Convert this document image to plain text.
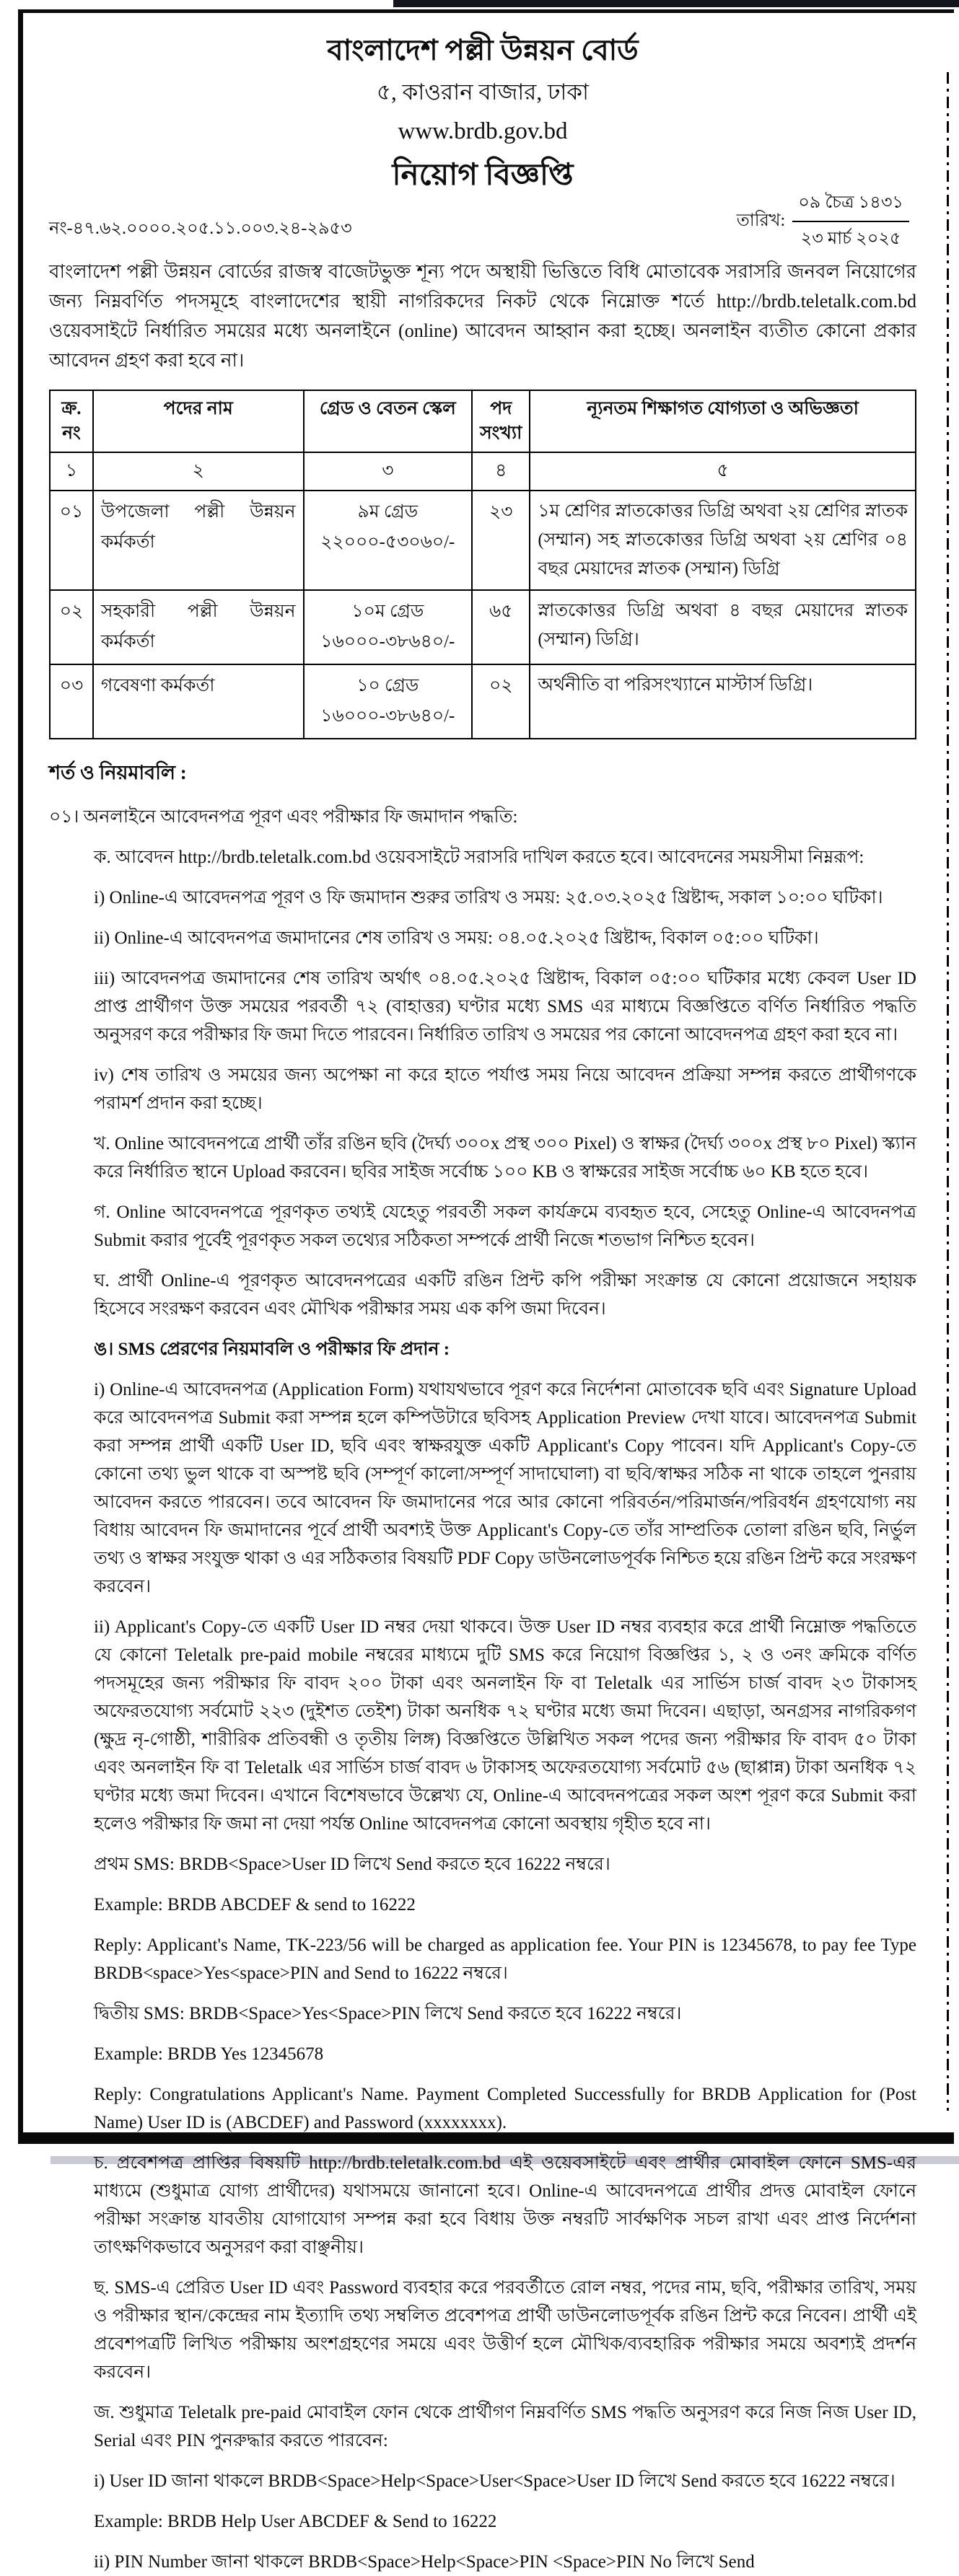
বাংলাদেশ পল্লী উন্নয়ন বোর্ড
৫, কাওরান বাজার, ঢাকা
www.brdb.gov.bd
নিয়োগ বিজ্ঞপ্তি
নং-৪৭.৬২.০০০০.২০৫.১১.০০৩.২৪-২৯৫৩	তারিখ: $\frac{\text{০৯ চৈত্র ১৪৩১}}{\text{২৩ মার্চ ২০২৫}}$
বাংলাদেশ পল্লী উন্নয়ন বোর্ডের রাজস্ব বাজেটভুক্ত শূন্য পদে অস্থায়ী ভিত্তিতে বিধি মোতাবেক সরাসরি জনবল নিয়োগের জন্য নিম্নবর্ণিত পদসমূহে বাংলাদেশের স্থায়ী নাগরিকদের নিকট থেকে নিম্নোক্ত শর্তে http://brdb.teletalk.com.bd ওয়েবসাইটে নির্ধারিত সময়ের মধ্যে অনলাইনে (online) আবেদন আহ্বান করা হচ্ছে। অনলাইন ব্যতীত কোনো প্রকার আবেদন গ্রহণ করা হবে না।
ক্র. নং	পদের নাম	গ্রেড ও বেতন স্কেল	পদ সংখ্যা	ন্যূনতম শিক্ষাগত যোগ্যতা ও অভিজ্ঞতা
১	২	৩	৪	৫
০১	উপজেলা পল্লী উন্নয়ন কর্মকর্তা	৯ম গ্রেড ২২০০০-৫৩০৬০/-	২৩	১ম শ্রেণির স্নাতকোত্তর ডিগ্রি অথবা ২য় শ্রেণির স্নাতক (সম্মান) সহ স্নাতকোত্তর ডিগ্রি অথবা ২য় শ্রেণির ০৪ বছর মেয়াদের স্নাতক (সম্মান) ডিগ্রি
০২	সহকারী পল্লী উন্নয়ন কর্মকর্তা	১০ম গ্রেড ১৬০০০-৩৮৬৪০/-	৬৫	স্নাতকোত্তর ডিগ্রি অথবা ৪ বছর মেয়াদের স্নাতক (সম্মান) ডিগ্রি।
০৩	গবেষণা কর্মকর্তা	১০ গ্রেড ১৬০০০-৩৮৬৪০/-	০২	অর্থনীতি বা পরিসংখ্যানে মাস্টার্স ডিগ্রি।
শর্ত ও নিয়মাবলি :
০১। অনলাইনে আবেদনপত্র পূরণ এবং পরীক্ষার ফি জমাদান পদ্ধতি:
ক. আবেদন http://brdb.teletalk.com.bd ওয়েবসাইটে সরাসরি দাখিল করতে হবে। আবেদনের সময়সীমা নিম্নরূপ:
i) Online-এ আবেদনপত্র পূরণ ও ফি জমাদান শুরুর তারিখ ও সময়: ২৫.০৩.২০২৫ খ্রিষ্টাব্দ, সকাল ১০:০০ ঘটিকা।
ii) Online-এ আবেদনপত্র জমাদানের শেষ তারিখ ও সময়: ০৪.০৫.২০২৫ খ্রিষ্টাব্দ, বিকাল ০৫:০০ ঘটিকা।
iii) আবেদনপত্র জমাদানের শেষ তারিখ অর্থাৎ ০৪.০৫.২০২৫ খ্রিষ্টাব্দ, বিকাল ০৫:০০ ঘটিকার মধ্যে কেবল User ID প্রাপ্ত প্রার্থীগণ উক্ত সময়ের পরবর্তী ৭২ (বাহাত্তর) ঘণ্টার মধ্যে SMS এর মাধ্যমে বিজ্ঞপ্তিতে বর্ণিত নির্ধারিত পদ্ধতি অনুসরণ করে পরীক্ষার ফি জমা দিতে পারবেন। নির্ধারিত তারিখ ও সময়ের পর কোনো আবেদনপত্র গ্রহণ করা হবে না।
iv) শেষ তারিখ ও সময়ের জন্য অপেক্ষা না করে হাতে পর্যাপ্ত সময় নিয়ে আবেদন প্রক্রিয়া সম্পন্ন করতে প্রার্থীগণকে পরামর্শ প্রদান করা হচ্ছে।
খ. Online আবেদনপত্রে প্রার্থী তাঁর রঙিন ছবি (দৈর্ঘ্য ৩০০x প্রস্থ ৩০০ Pixel) ও স্বাক্ষর (দৈর্ঘ্য ৩০০x প্রস্থ ৮০ Pixel) স্ক্যান করে নির্ধারিত স্থানে Upload করবেন। ছবির সাইজ সর্বোচ্চ ১০০ KB ও স্বাক্ষরের সাইজ সর্বোচ্চ ৬০ KB হতে হবে।
গ. Online আবেদনপত্রে পূরণকৃত তথ্যই যেহেতু পরবর্তী সকল কার্যক্রমে ব্যবহৃত হবে, সেহেতু Online-এ আবেদনপত্র Submit করার পূর্বেই পূরণকৃত সকল তথ্যের সঠিকতা সম্পর্কে প্রার্থী নিজে শতভাগ নিশ্চিত হবেন।
ঘ. প্রার্থী Online-এ পূরণকৃত আবেদনপত্রের একটি রঙিন প্রিন্ট কপি পরীক্ষা সংক্রান্ত যে কোনো প্রয়োজনে সহায়ক হিসেবে সংরক্ষণ করবেন এবং মৌখিক পরীক্ষার সময় এক কপি জমা দিবেন।
ঙ। SMS প্রেরণের নিয়মাবলি ও পরীক্ষার ফি প্রদান :
i) Online-এ আবেদনপত্র (Application Form) যথাযথভাবে পূরণ করে নির্দেশনা মোতাবেক ছবি এবং Signature Upload করে আবেদনপত্র Submit করা সম্পন্ন হলে কম্পিউটারে ছবিসহ Application Preview দেখা যাবে। আবেদনপত্র Submit করা সম্পন্ন প্রার্থী একটি User ID, ছবি এবং স্বাক্ষরযুক্ত একটি Applicant's Copy পাবেন। যদি Applicant's Copy-তে কোনো তথ্য ভুল থাকে বা অস্পষ্ট ছবি (সম্পূর্ণ কালো/সম্পূর্ণ সাদাঘোলা) বা ছবি/স্বাক্ষর সঠিক না থাকে তাহলে পুনরায় আবেদন করতে পারবেন। তবে আবেদন ফি জমাদানের পরে আর কোনো পরিবর্তন/পরিমার্জন/পরিবর্ধন গ্রহণযোগ্য নয় বিধায় আবেদন ফি জমাদানের পূর্বে প্রার্থী অবশ্যই উক্ত Applicant's Copy-তে তাঁর সাম্প্রতিক তোলা রঙিন ছবি, নির্ভুল তথ্য ও স্বাক্ষর সংযুক্ত থাকা ও এর সঠিকতার বিষয়টি PDF Copy ডাউনলোডপূর্বক নিশ্চিত হয়ে রঙিন প্রিন্ট করে সংরক্ষণ করবেন।
ii) Applicant's Copy-তে একটি User ID নম্বর দেয়া থাকবে। উক্ত User ID নম্বর ব্যবহার করে প্রার্থী নিম্নোক্ত পদ্ধতিতে যে কোনো Teletalk pre-paid mobile নম্বরের মাধ্যমে দুটি SMS করে নিয়োগ বিজ্ঞপ্তির ১, ২ ও ৩নং ক্রমিকে বর্ণিত পদসমূহের জন্য পরীক্ষার ফি বাবদ ২০০ টাকা এবং অনলাইন ফি বা Teletalk এর সার্ভিস চার্জ বাবদ ২৩ টাকাসহ অফেরতযোগ্য সর্বমোট ২২৩ (দুইশত তেইশ) টাকা অনধিক ৭২ ঘণ্টার মধ্যে জমা দিবেন। এছাড়া, অনগ্রসর নাগরিকগণ (ক্ষুদ্র নৃ-গোষ্ঠী, শারীরিক প্রতিবন্ধী ও তৃতীয় লিঙ্গ) বিজ্ঞপ্তিতে উল্লিখিত সকল পদের জন্য পরীক্ষার ফি বাবদ ৫০ টাকা এবং অনলাইন ফি বা Teletalk এর সার্ভিস চার্জ বাবদ ৬ টাকাসহ অফেরতযোগ্য সর্বমোট ৫৬ (ছাপ্পান্ন) টাকা অনধিক ৭২ ঘণ্টার মধ্যে জমা দিবেন। এখানে বিশেষভাবে উল্লেখ্য যে, Online-এ আবেদনপত্রের সকল অংশ পূরণ করে Submit করা হলেও পরীক্ষার ফি জমা না দেয়া পর্যন্ত Online আবেদনপত্র কোনো অবস্থায় গৃহীত হবে না।
প্রথম SMS: BRDB<Space>User ID লিখে Send করতে হবে 16222 নম্বরে।
Example: BRDB ABCDEF & send to 16222
Reply: Applicant's Name, TK-223/56 will be charged as application fee. Your PIN is 12345678, to pay fee Type BRDB<space>Yes<space>PIN and Send to 16222 নম্বরে।
দ্বিতীয় SMS: BRDB<Space>Yes<Space>PIN লিখে Send করতে হবে 16222 নম্বরে।
Example: BRDB Yes 12345678
Reply: Congratulations Applicant's Name. Payment Completed Successfully for BRDB Application for (Post Name) User ID is (ABCDEF) and Password (xxxxxxxx).
চ. প্রবেশপত্র প্রাপ্তির বিষয়টি http://brdb.teletalk.com.bd এই ওয়েবসাইটে এবং প্রার্থীর মোবাইল ফোনে SMS-এর মাধ্যমে (শুধুমাত্র যোগ্য প্রার্থীদের) যথাসময়ে জানানো হবে। Online-এ আবেদনপত্রে প্রার্থীর প্রদত্ত মোবাইল ফোনে পরীক্ষা সংক্রান্ত যাবতীয় যোগাযোগ সম্পন্ন করা হবে বিধায় উক্ত নম্বরটি সার্বক্ষণিক সচল রাখা এবং প্রাপ্ত নির্দেশনা তাৎক্ষণিকভাবে অনুসরণ করা বাঞ্ছনীয়।
ছ. SMS-এ প্রেরিত User ID এবং Password ব্যবহার করে পরবর্তীতে রোল নম্বর, পদের নাম, ছবি, পরীক্ষার তারিখ, সময় ও পরীক্ষার স্থান/কেন্দ্রের নাম ইত্যাদি তথ্য সম্বলিত প্রবেশপত্র প্রার্থী ডাউনলোডপূর্বক রঙিন প্রিন্ট করে নিবেন। প্রার্থী এই প্রবেশপত্রটি লিখিত পরীক্ষায় অংশগ্রহণের সময়ে এবং উত্তীর্ণ হলে মৌখিক/ব্যবহারিক পরীক্ষার সময়ে অবশ্যই প্রদর্শন করবেন।
জ. শুধুমাত্র Teletalk pre-paid মোবাইল ফোন থেকে প্রার্থীগণ নিম্নবর্ণিত SMS পদ্ধতি অনুসরণ করে নিজ নিজ User ID, Serial এবং PIN পুনরুদ্ধার করতে পারবেন:
i) User ID জানা থাকলে BRDB<Space>Help<Space>User<Space>User ID লিখে Send করতে হবে 16222 নম্বরে।
Example: BRDB Help User ABCDEF & Send to 16222
ii) PIN Number জানা থাকলে BRDB<Space>Help<Space>PIN <Space>PIN No লিখে Send
